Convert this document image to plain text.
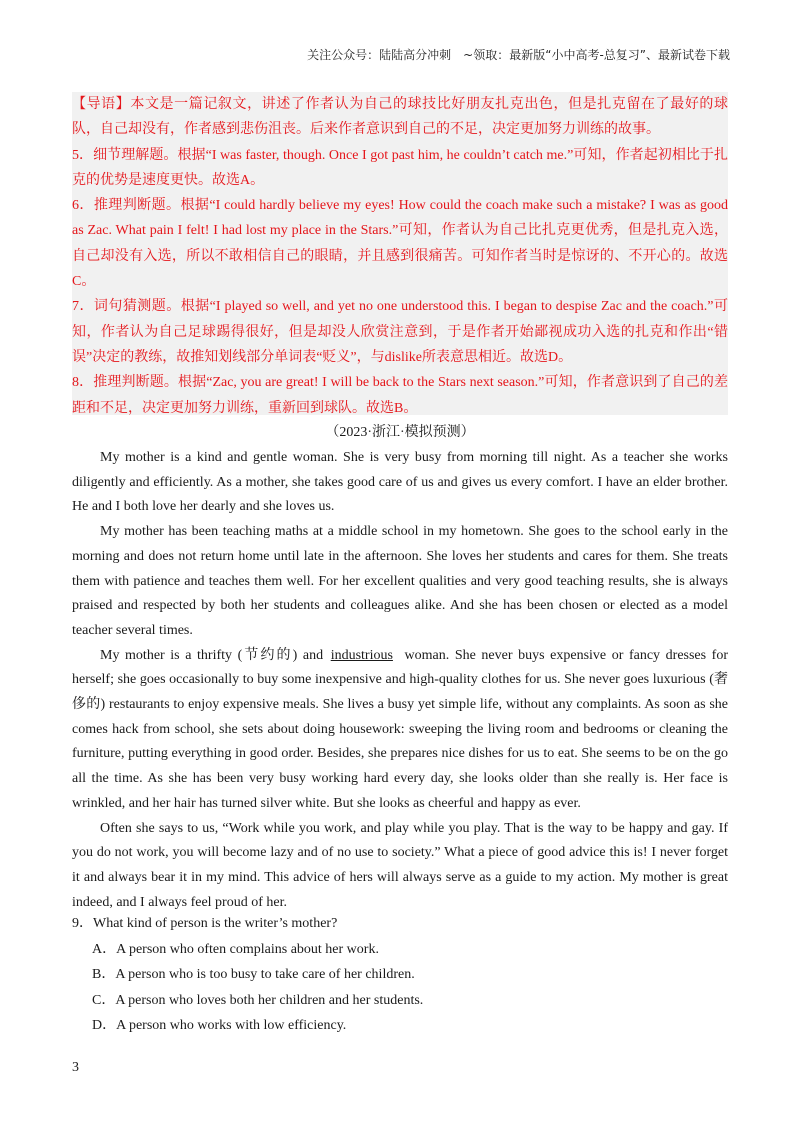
关注公众号：陆陆高分冲刺　~领取：最新版“小中高考-总复习”、最新试卷下载

【导语】本文是一篇记叙文，讲述了作者认为自己的球技比好朋友扎克出色，但是扎克留在了最好的球队，自己却没有，作者感到悲伤沮丧。后来作者意识到自己的不足，决定更加努力训练的故事。

5．细节理解题。根据“I was faster, though. Once I got past him, he couldn’t catch me.”可知，作者起初相比于扎克的优势是速度更快。故选A。

6．推理判断题。根据“I could hardly believe my eyes! How could the coach make such a mistake? I was as good as Zac. What pain I felt! I had lost my place in the Stars.”可知，作者认为自己比扎克更优秀，但是扎克入选，自己却没有入选，所以不敢相信自己的眼睛，并且感到很痛苦。可知作者当时是惊讶的、不开心的。故选C。

7．词句猜测题。根据“I played so well, and yet no one understood this. I began to despise Zac and the coach.”可知，作者认为自己足球踢得很好，但是却没人欣赏注意到，于是作者开始鄙视成功入选的扎克和作出“错误”决定的教练，故推知划线部分单词表“贬义”，与dislike所表意思相近。故选D。

8．推理判断题。根据“Zac, you are great! I will be back to the Stars next season.”可知，作者意识到了自己的差距和不足，决定更加努力训练，重新回到球队。故选B。

（2023·浙江·模拟预测）

My mother is a kind and gentle woman. She is very busy from morning till night. As a teacher she works diligently and efficiently. As a mother, she takes good care of us and gives us every comfort. I have an elder brother. He and I both love her dearly and she loves us.

My mother has been teaching maths at a middle school in my hometown. She goes to the school early in the morning and does not return home until late in the afternoon. She loves her students and cares for them. She treats them with patience and teaches them well. For her excellent qualities and very good teaching results, she is always praised and respected by both her students and colleagues alike. And she has been chosen or elected as a model teacher several times.

My mother is a thrifty (节约的) and industrious woman. She never buys expensive or fancy dresses for herself; she goes occasionally to buy some inexpensive and high-quality clothes for us. She never goes luxurious (奢侈的) restaurants to enjoy expensive meals. She lives a busy yet simple life, without any complaints. As soon as she comes hack from school, she sets about doing housework: sweeping the living room and bedrooms or cleaning the furniture, putting everything in good order. Besides, she prepares nice dishes for us to eat. She seems to be on the go all the time. As she has been very busy working hard every day, she looks older than she really is. Her face is wrinkled, and her hair has turned silver white. But she looks as cheerful and happy as ever.

Often she says to us, “Work while you work, and play while you play. That is the way to be happy and gay. If you do not work, you will become lazy and of no use to society.” What a piece of good advice this is! I never forget it and always bear it in my mind. This advice of hers will always serve as a guide to my action. My mother is great indeed, and I always feel proud of her.

9．What kind of person is the writer’s mother?

A．A person who often complains about her work.

B．A person who is too busy to take care of her children.

C．A person who loves both her children and her students.

D．A person who works with low efficiency.

3
